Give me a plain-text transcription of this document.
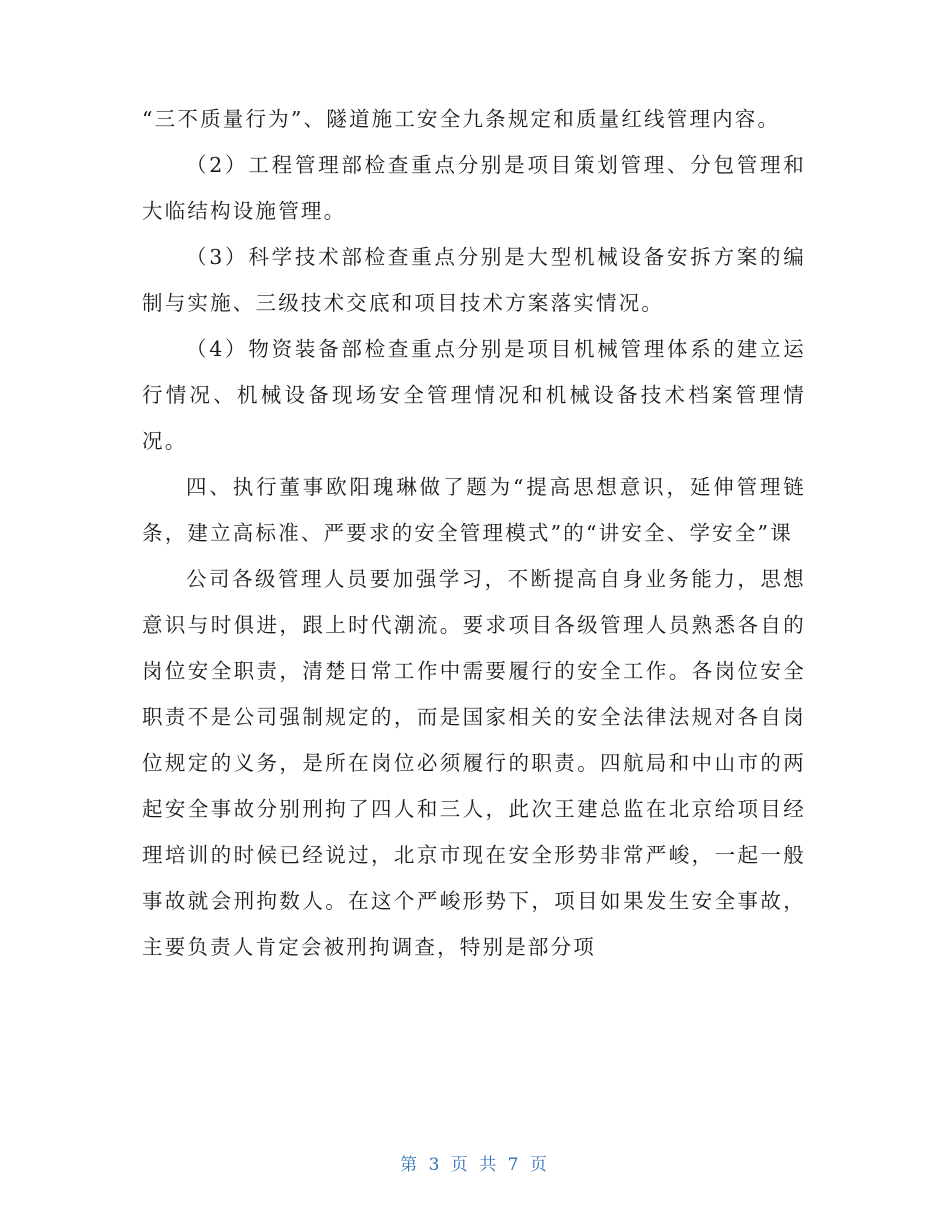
“三不质量行为”、隧道施工安全九条规定和质量红线管理内容。

（2）工程管理部检查重点分别是项目策划管理、分包管理和大临结构设施管理。

（3）科学技术部检查重点分别是大型机械设备安拆方案的编制与实施、三级技术交底和项目技术方案落实情况。

（4）物资装备部检查重点分别是项目机械管理体系的建立运行情况、机械设备现场安全管理情况和机械设备技术档案管理情况。

四、执行董事欧阳瑰琳做了题为“提高思想意识，延伸管理链条，建立高标准、严要求的安全管理模式”的“讲安全、学安全”课

公司各级管理人员要加强学习，不断提高自身业务能力，思想意识与时俱进，跟上时代潮流。要求项目各级管理人员熟悉各自的岗位安全职责，清楚日常工作中需要履行的安全工作。各岗位安全职责不是公司强制规定的，而是国家相关的安全法律法规对各自岗位规定的义务，是所在岗位必须履行的职责。四航局和中山市的两起安全事故分别刑拘了四人和三人，此次王建总监在北京给项目经理培训的时候已经说过，北京市现在安全形势非常严峻，一起一般事故就会刑拘数人。在这个严峻形势下，项目如果发生安全事故，主要负责人肯定会被刑拘调查，特别是部分项

第 3 页 共 7 页
